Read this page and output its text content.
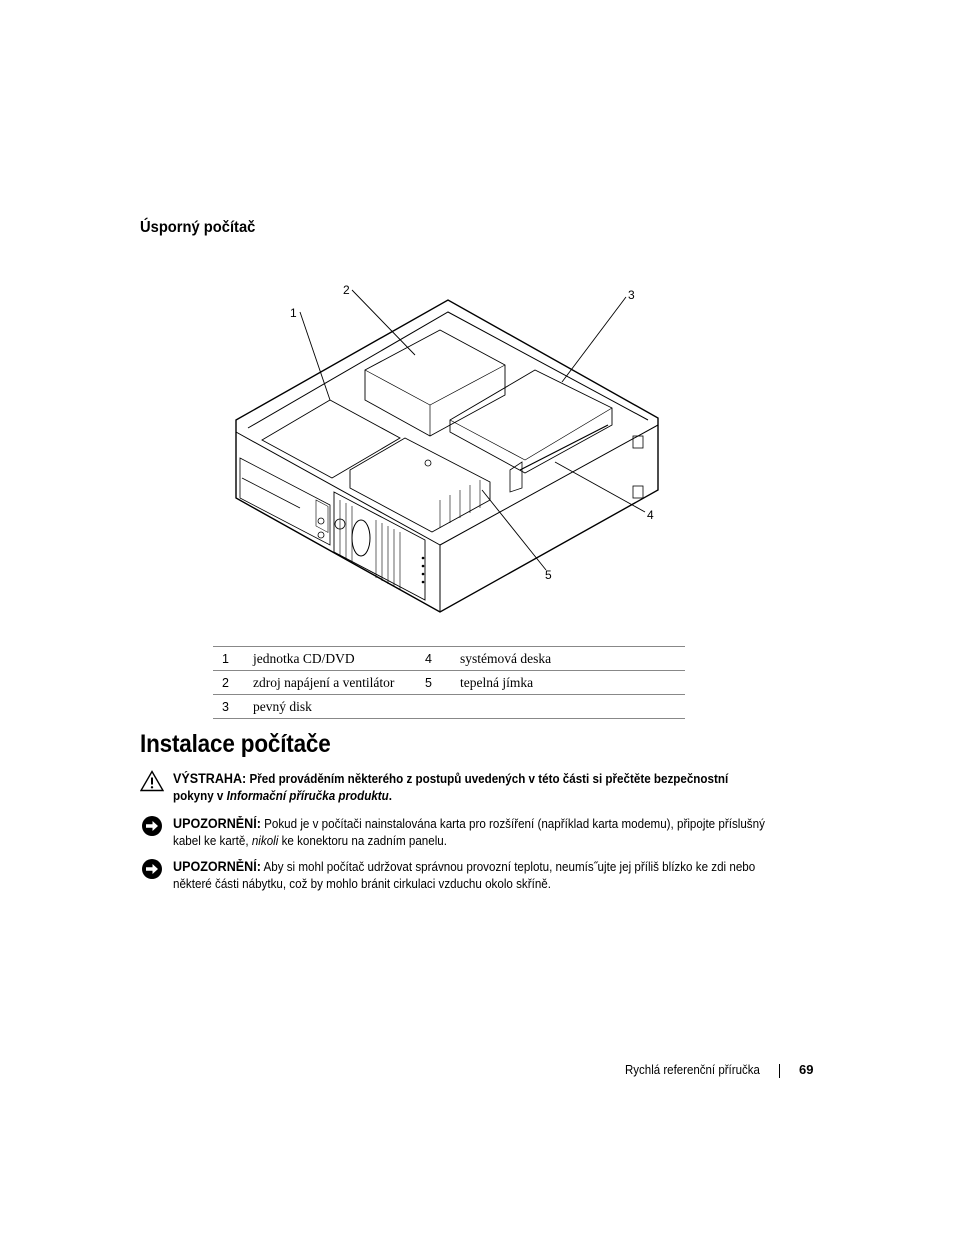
Úsporný počítač
1
2	3
4
5
1	jednotka CD/DVD	4	systémová deska
2	zdroj napájení a ventilátor	5	tepelná jímka
3	pevný disk		
Instalace počítače
VÝSTRAHA: Před prováděním některého z postupů uvedených v této části si přečtěte bezpečnostní pokyny v Informační příručka produktu.
UPOZORNĚNÍ: Pokud je v počítači nainstalována karta pro rozšíření (například karta modemu), připojte příslušný kabel ke kartě, nikoli ke konektoru na zadním panelu.
UPOZORNĚNÍ: Aby si mohl počítač udržovat správnou provozní teplotu, neumís˝ujte jej příliš blízko ke zdi nebo některé části nábytku, což by mohlo bránit cirkulaci vzduchu okolo skříně.
Rychlá referenční příručka	69
